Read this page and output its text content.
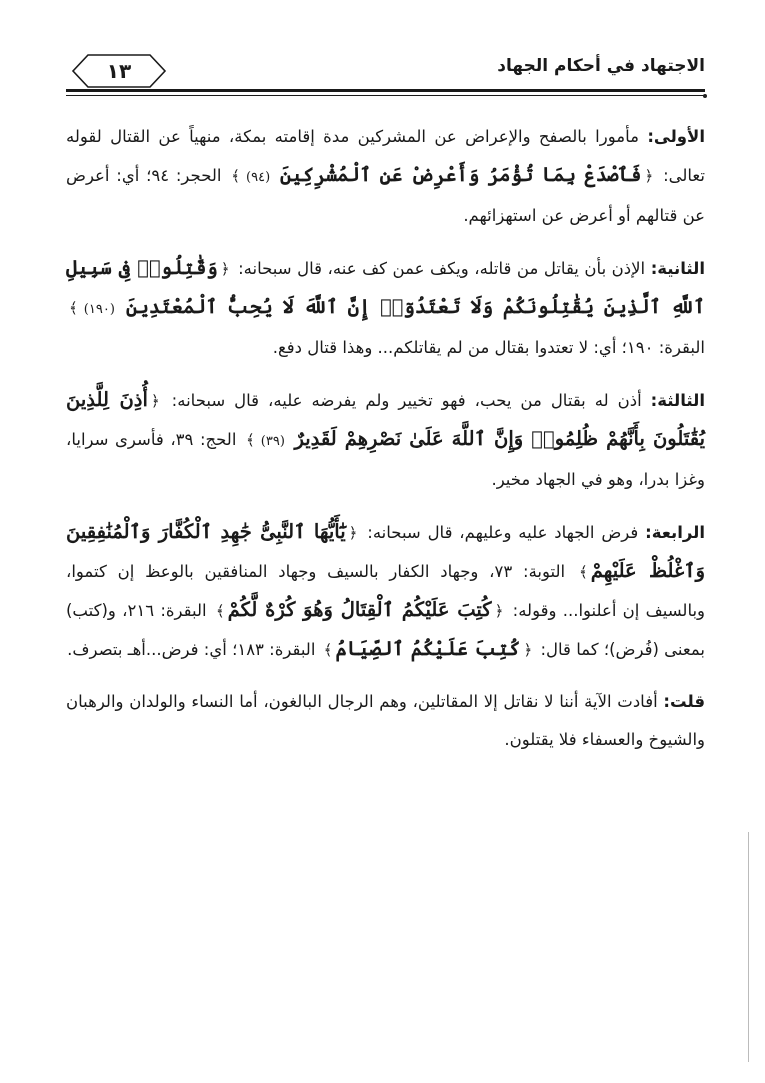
الاجتهاد في أحكام الجهاد
١٣

الأولى: مأمورا بالصفح والإعراض عن المشركين مدة إقامته بمكة، منهياً عن القتال لقوله تعالى: ﴿فَٱصْدَعْ بِمَا تُؤْمَرُ وَأَعْرِضْ عَنِ ٱلْمُشْرِكِينَ (٩٤)﴾ الحجر: ٩٤؛ أي: أعرض عن قتالهم أو أعرض عن استهزائهم.

الثانية: الإذن بأن يقاتل من قاتله، ويكف عمن كف عنه، قال سبحانه: ﴿وَقَٰتِلُوا۟ فِى سَبِيلِ ٱللَّهِ ٱلَّذِينَ يُقَٰتِلُونَكُمْ وَلَا تَعْتَدُوٓا۟ إِنَّ ٱللَّهَ لَا يُحِبُّ ٱلْمُعْتَدِينَ (١٩٠)﴾ البقرة: ١٩٠؛ أي: لا تعتدوا بقتال من لم يقاتلكم... وهذا قتال دفع.

الثالثة: أذن له بقتال من يحب، فهو تخيير ولم يفرضه عليه، قال سبحانه: ﴿أُذِنَ لِلَّذِينَ يُقَٰتَلُونَ بِأَنَّهُمْ ظُلِمُوا۟ وَإِنَّ ٱللَّهَ عَلَىٰ نَصْرِهِمْ لَقَدِيرٌ (٣٩)﴾ الحج: ٣٩، فأسرى سرايا، وغزا بدرا، وهو في الجهاد مخير.

الرابعة: فرض الجهاد عليه وعليهم، قال سبحانه: ﴿يَٰٓأَيُّهَا ٱلنَّبِىُّ جَٰهِدِ ٱلْكُفَّارَ وَٱلْمُنَٰفِقِينَ وَٱغْلُظْ عَلَيْهِمْ﴾ التوبة: ٧٣، وجهاد الكفار بالسيف وجهاد المنافقين بالوعظ إن كتموا، وبالسيف إن أعلنوا... وقوله: ﴿كُتِبَ عَلَيْكُمُ ٱلْقِتَالُ وَهُوَ كُرْهٌ لَّكُمْ﴾ البقرة: ٢١٦، و(كتب) بمعنى (فُرض)؛ كما قال: ﴿كُتِبَ عَلَيْكُمُ ٱلصِّيَامُ﴾ البقرة: ١٨٣؛ أي: فرض...أهـ بتصرف.

قلت: أفادت الآية أننا لا نقاتل إلا المقاتلين، وهم الرجال البالغون، أما النساء والولدان والرهبان والشيوخ والعسفاء فلا يقتلون.
